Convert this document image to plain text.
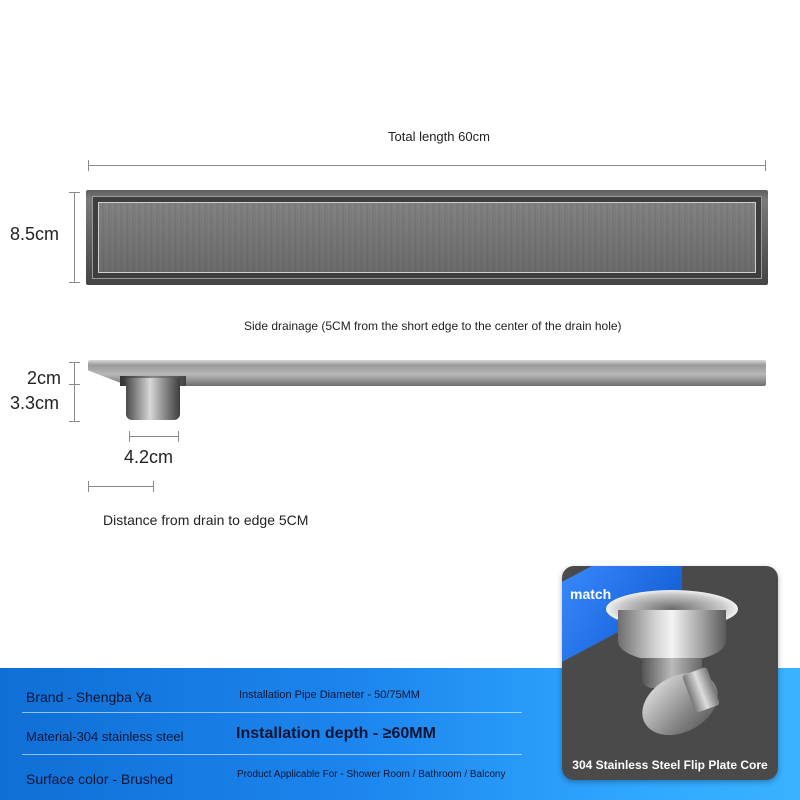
Total length 60cm
8.5cm
Side drainage (5CM from the short edge to the center of the drain hole)
2cm
3.3cm
4.2cm
Distance from drain to edge 5CM
Brand - Shengba Ya
Material-304 stainless steel
Surface color - Brushed
Installation Pipe Diameter - 50/75MM
Installation depth - ≥60MM
Product Applicable For - Shower Room / Bathroom / Balcony
match
304 Stainless Steel Flip Plate Core
